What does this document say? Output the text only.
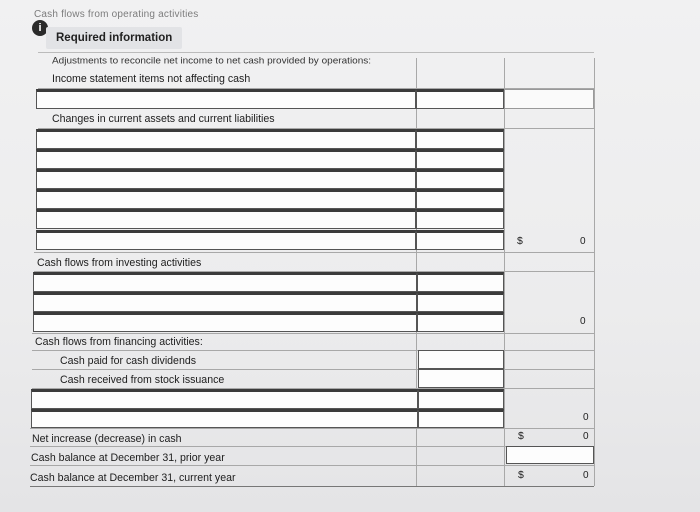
Cash flows from operating activities
i
Required information
Adjustments to reconcile net income to net cash provided by operations:
Income statement items not affecting cash
Changes in current assets and current liabilities
$	0
Cash flows from investing activities
0
Cash flows from financing activities:
Cash paid for cash dividends
Cash received from stock issuance
0
Net increase (decrease) in cash	$	0
Cash balance at December 31, prior year
Cash balance at December 31, current year	$	0
